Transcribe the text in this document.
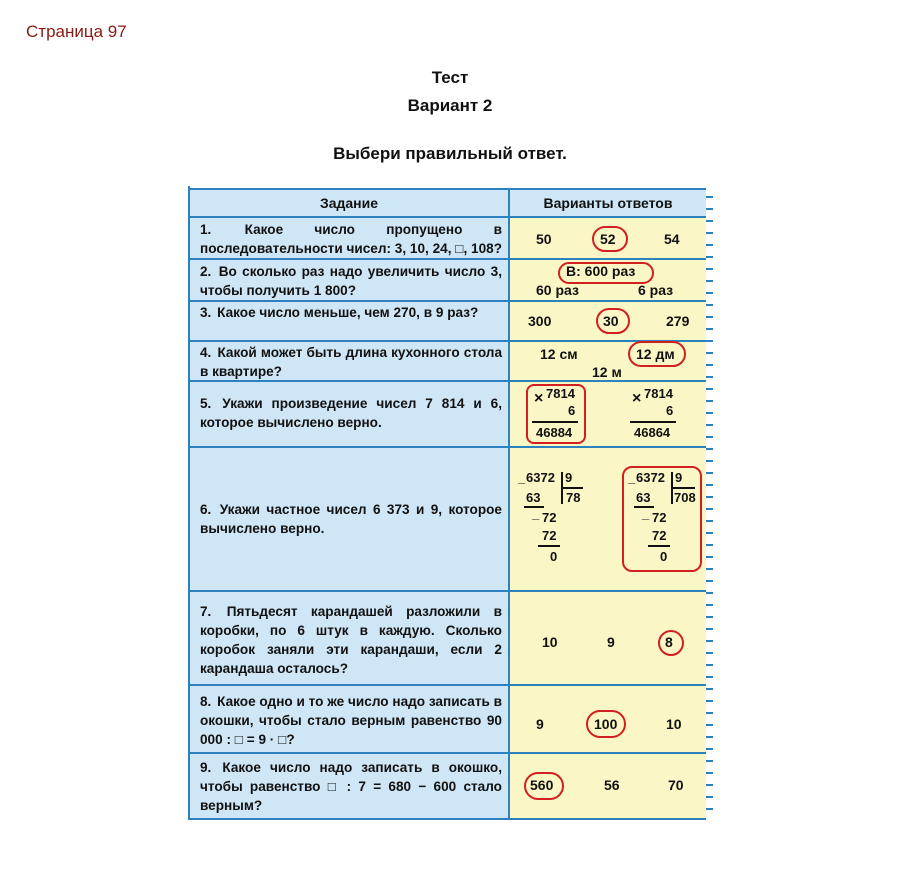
Страница 97
Тест
Вариант 2
Выбери правильный ответ.
Задание	Варианты ответов
1. Какое число пропущено в последовательности чисел: 3, 10, 24, □, 108?
50	52	54
2. Во сколько раз надо увеличить число 3, чтобы получить 1 800?
В: 600 раз
60 раз	6 раз
3. Какое число меньше, чем 270, в 9 раз?
300	30	279
4. Какой может быть длина кухонного стола в квартире?
12 см	12 дм
12 м
5. Укажи произведение чисел 7 814 и 6, которое вычислено верно.
× 7814
6
46884
× 7814
6
46864
6. Укажи частное чисел 6 373 и 9, которое вычислено верно.
_ 6372 9
63 78
_ 72
72
0
_ 6372 9
63 708
_ 72
72
0
7. Пятьдесят карандашей разложили в коробки, по 6 штук в каждую. Сколько коробок заняли эти карандаши, если 2 карандаша осталось?
10	9	8
8. Какое одно и то же число надо записать в окошки, чтобы стало верным равенство 90 000 : □ = 9 · □?
9	100	10
9. Какое число надо записать в окошко, чтобы равенство □ : 7 = 680 − 600 стало верным?
560	56	70
